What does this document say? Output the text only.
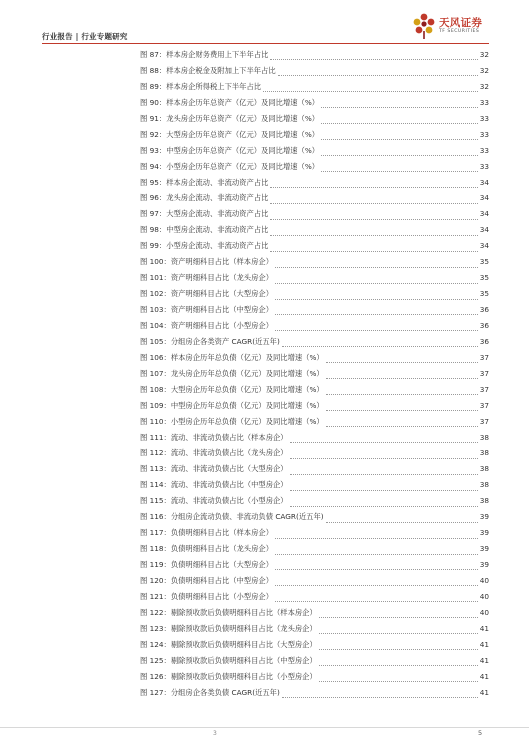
行业报告 | 行业专题研究
天风证券
TF SECURITIES
图 87：样本房企财务费用上下半年占比	32
图 88：样本房企税金及附加上下半年占比	32
图 89：样本房企所得税上下半年占比	32
图 90：样本房企历年总资产（亿元）及同比增速（%）	33
图 91：龙头房企历年总资产（亿元）及同比增速（%）	33
图 92：大型房企历年总资产（亿元）及同比增速（%）	33
图 93：中型房企历年总资产（亿元）及同比增速（%）	33
图 94：小型房企历年总资产（亿元）及同比增速（%）	33
图 95：样本房企流动、非流动资产占比	34
图 96：龙头房企流动、非流动资产占比	34
图 97：大型房企流动、非流动资产占比	34
图 98：中型房企流动、非流动资产占比	34
图 99：小型房企流动、非流动资产占比	34
图 100：资产明细科目占比（样本房企）	35
图 101：资产明细科目占比（龙头房企）	35
图 102：资产明细科目占比（大型房企）	35
图 103：资产明细科目占比（中型房企）	36
图 104：资产明细科目占比（小型房企）	36
图 105：分组房企各类资产 CAGR(近五年)	36
图 106：样本房企历年总负债（亿元）及同比增速（%）	37
图 107：龙头房企历年总负债（亿元）及同比增速（%）	37
图 108：大型房企历年总负债（亿元）及同比增速（%）	37
图 109：中型房企历年总负债（亿元）及同比增速（%）	37
图 110：小型房企历年总负债（亿元）及同比增速（%）	37
图 111：流动、非流动负债占比（样本房企）	38
图 112：流动、非流动负债占比（龙头房企）	38
图 113：流动、非流动负债占比（大型房企）	38
图 114：流动、非流动负债占比（中型房企）	38
图 115：流动、非流动负债占比（小型房企）	38
图 116：分组房企流动负债、非流动负债 CAGR(近五年)	39
图 117：负债明细科目占比（样本房企）	39
图 118：负债明细科目占比（龙头房企）	39
图 119：负债明细科目占比（大型房企）	39
图 120：负债明细科目占比（中型房企）	40
图 121：负债明细科目占比（小型房企）	40
图 122：剔除预收款后负债明细科目占比（样本房企）	40
图 123：剔除预收款后负债明细科目占比（龙头房企）	41
图 124：剔除预收款后负债明细科目占比（大型房企）	41
图 125：剔除预收款后负债明细科目占比（中型房企）	41
图 126：剔除预收款后负债明细科目占比（小型房企）	41
图 127：分组房企各类负债 CAGR(近五年)	41
3	5
